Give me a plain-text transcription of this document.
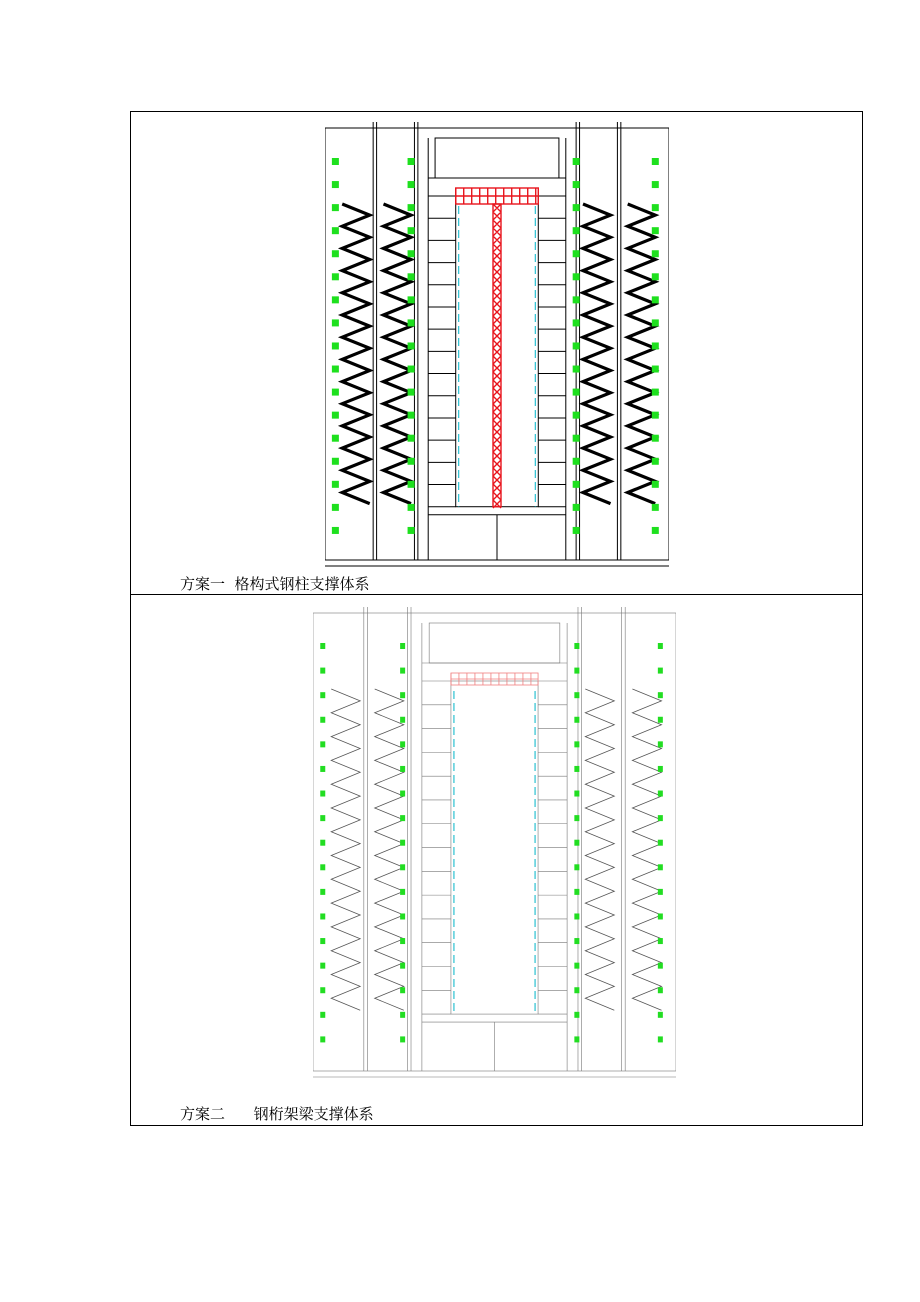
方案一  格构式钢柱支撑体系
方案二      钢桁架梁支撑体系
